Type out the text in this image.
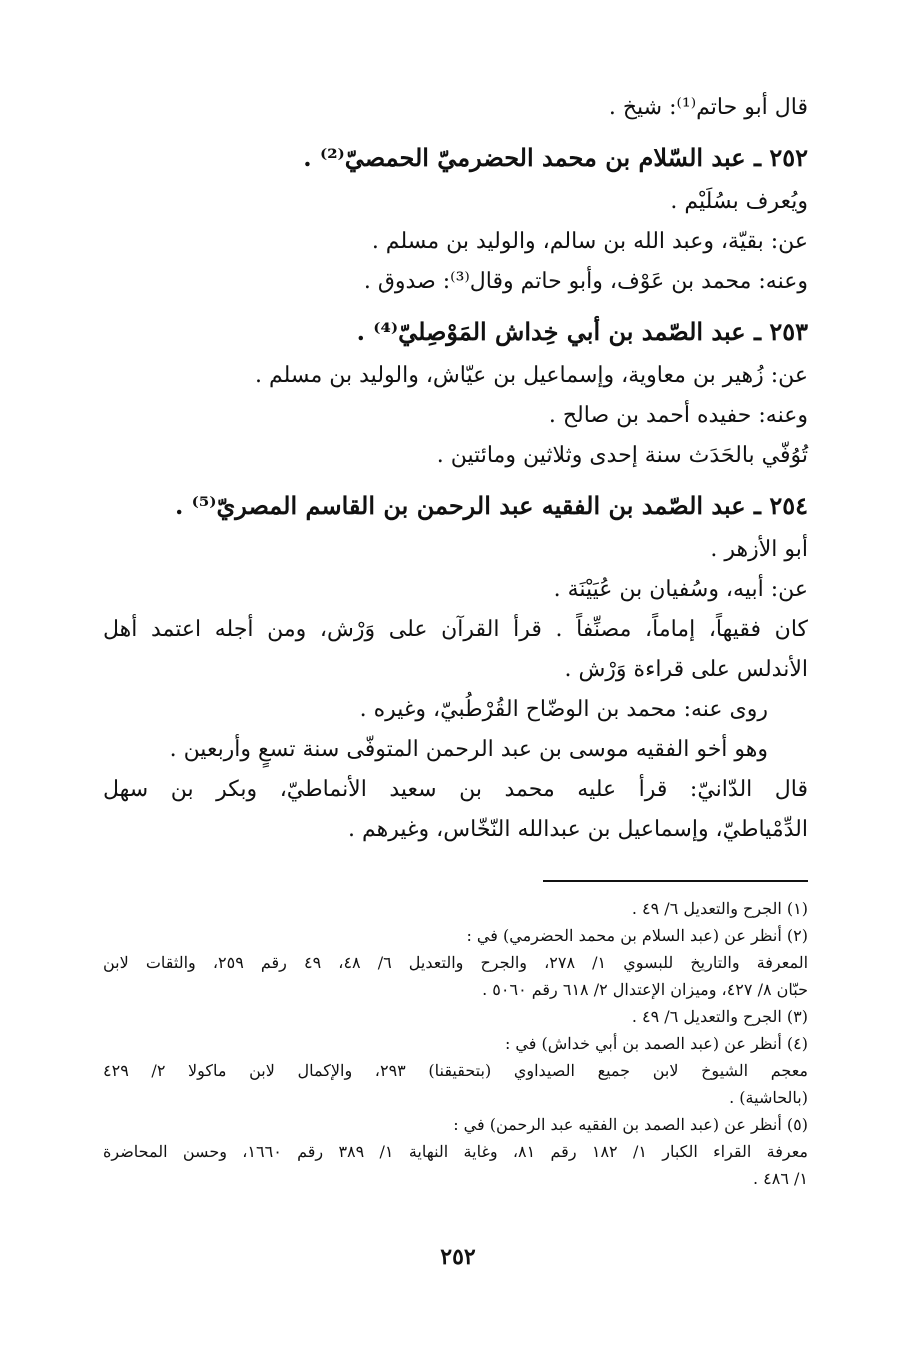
قال أبو حاتم⁽¹⁾: شيخ .
٢٥٢ ـ عبد السّلام بن محمد الحضرميّ الحمصيّ⁽²⁾ .
ويُعرف بسُلَيْم .
عن: بقيّة، وعبد الله بن سالم، والوليد بن مسلم .
وعنه: محمد بن عَوْف، وأبو حاتم وقال⁽³⁾: صدوق .
٢٥٣ ـ عبد الصّمد بن أبي خِداش المَوْصِليّ⁽⁴⁾ .
عن: زُهير بن معاوية، وإسماعيل بن عيّاش، والوليد بن مسلم .
وعنه: حفيده أحمد بن صالح .
تُوُفّي بالحَدَث سنة إحدى وثلاثين ومائتين .
٢٥٤ ـ عبد الصّمد بن الفقيه عبد الرحمن بن القاسم المصريّ⁽⁵⁾ .
أبو الأزهر .
عن: أبيه، وسُفيان بن عُيَيْنَة .
كان فقيهاً، إماماً، مصنِّفاً . قرأ القرآن على وَرْش، ومن أجله اعتمد أهل
الأندلس على قراءة وَرْش .
روى عنه: محمد بن الوضّاح القُرْطُبيّ، وغيره .
وهو أخو الفقيه موسى بن عبد الرحمن المتوفّى سنة تسعٍ وأربعين .
قال الدّانيّ: قرأ عليه محمد بن سعيد الأنماطيّ، وبكر بن سهل
الدِّمْياطيّ، وإسماعيل بن عبدالله النّخّاس، وغيرهم .
(١) الجرح والتعديل ٦/ ٤٩ .
(٢) أنظر عن (عبد السلام بن محمد الحضرمي) في :
المعرفة والتاريخ للبسوي ١/ ٢٧٨، والجرح والتعديل ٦/ ٤٨، ٤٩ رقم ٢٥٩، والثقات لابن
حبّان ٨/ ٤٢٧، وميزان الإعتدال ٢/ ٦١٨ رقم ٥٠٦٠ .
(٣) الجرح والتعديل ٦/ ٤٩ .
(٤) أنظر عن (عبد الصمد بن أبي خداش) في :
معجم الشيوخ لابن جميع الصيداوي (بتحقيقنا) ٢٩٣، والإكمال لابن ماكولا ٢/ ٤٢٩
(بالحاشية) .
(٥) أنظر عن (عبد الصمد بن الفقيه عبد الرحمن) في :
معرفة القراء الكبار ١/ ١٨٢ رقم ٨١، وغاية النهاية ١/ ٣٨٩ رقم ١٦٦٠، وحسن المحاضرة
١/ ٤٨٦ .
٢٥٢
